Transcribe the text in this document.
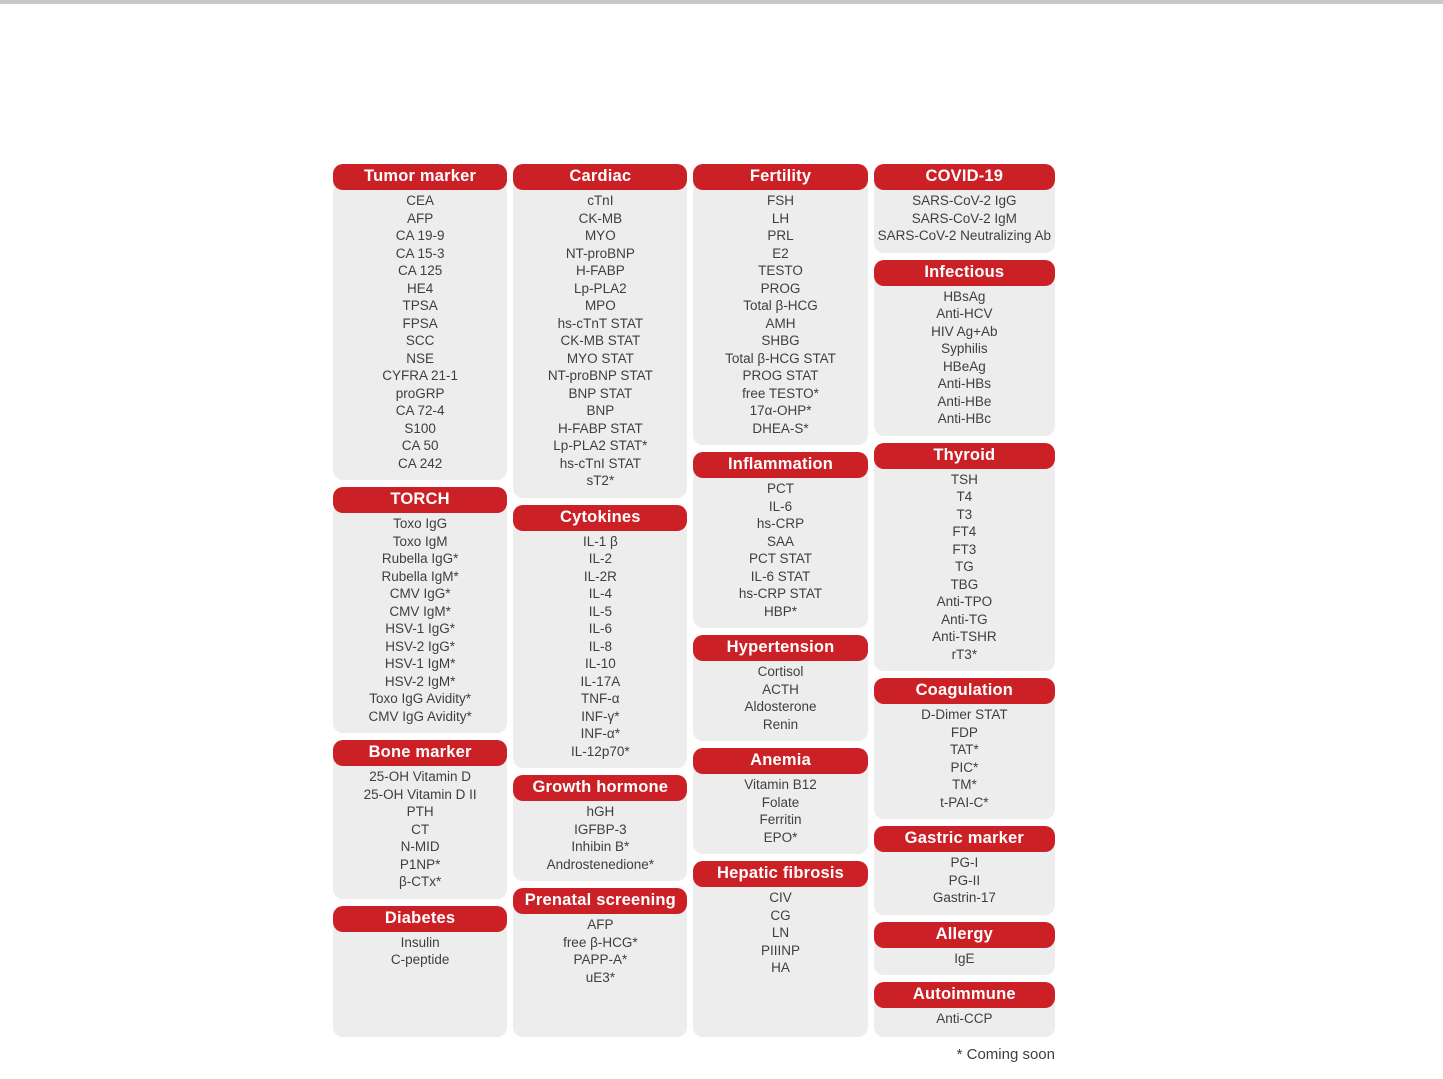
Tumor marker
CEA
AFP
CA 19-9
CA 15-3
CA 125
HE4
TPSA
FPSA
SCC
NSE
CYFRA 21-1
proGRP
CA 72-4
S100
CA 50
CA 242
TORCH
Toxo IgG
Toxo IgM
Rubella IgG*
Rubella IgM*
CMV IgG*
CMV IgM*
HSV-1 IgG*
HSV-2 IgG*
HSV-1 IgM*
HSV-2 IgM*
Toxo IgG Avidity*
CMV IgG Avidity*
Bone marker
25-OH Vitamin D
25-OH Vitamin D II
PTH
CT
N-MID
P1NP*
β-CTx*
Diabetes
Insulin
C-peptide
Cardiac
cTnI
CK-MB
MYO
NT-proBNP
H-FABP
Lp-PLA2
MPO
hs-cTnT STAT
CK-MB STAT
MYO STAT
NT-proBNP STAT
BNP STAT
BNP
H-FABP STAT
Lp-PLA2 STAT*
hs-cTnI STAT
sT2*
Cytokines
IL-1 β
IL-2
IL-2R
IL-4
IL-5
IL-6
IL-8
IL-10
IL-17A
TNF-α
INF-γ*
INF-α*
IL-12p70*
Growth hormone
hGH
IGFBP-3
Inhibin B*
Androstenedione*
Prenatal screening
AFP
free β-HCG*
PAPP-A*
uE3*
Fertility
FSH
LH
PRL
E2
TESTO
PROG
Total β-HCG
AMH
SHBG
Total β-HCG STAT
PROG STAT
free TESTO*
17α-OHP*
DHEA-S*
Inflammation
PCT
IL-6
hs-CRP
SAA
PCT STAT
IL-6 STAT
hs-CRP STAT
HBP*
Hypertension
Cortisol
ACTH
Aldosterone
Renin
Anemia
Vitamin B12
Folate
Ferritin
EPO*
Hepatic fibrosis
CIV
CG
LN
PIIINP
HA
COVID-19
SARS-CoV-2 IgG
SARS-CoV-2 IgM
SARS-CoV-2 Neutralizing Ab
Infectious
HBsAg
Anti-HCV
HIV Ag+Ab
Syphilis
HBeAg
Anti-HBs
Anti-HBe
Anti-HBc
Thyroid
TSH
T4
T3
FT4
FT3
TG
TBG
Anti-TPO
Anti-TG
Anti-TSHR
rT3*
Coagulation
D-Dimer STAT
FDP
TAT*
PIC*
TM*
t-PAI-C*
Gastric marker
PG-I
PG-II
Gastrin-17
Allergy
IgE
Autoimmune
Anti-CCP
* Coming soon
